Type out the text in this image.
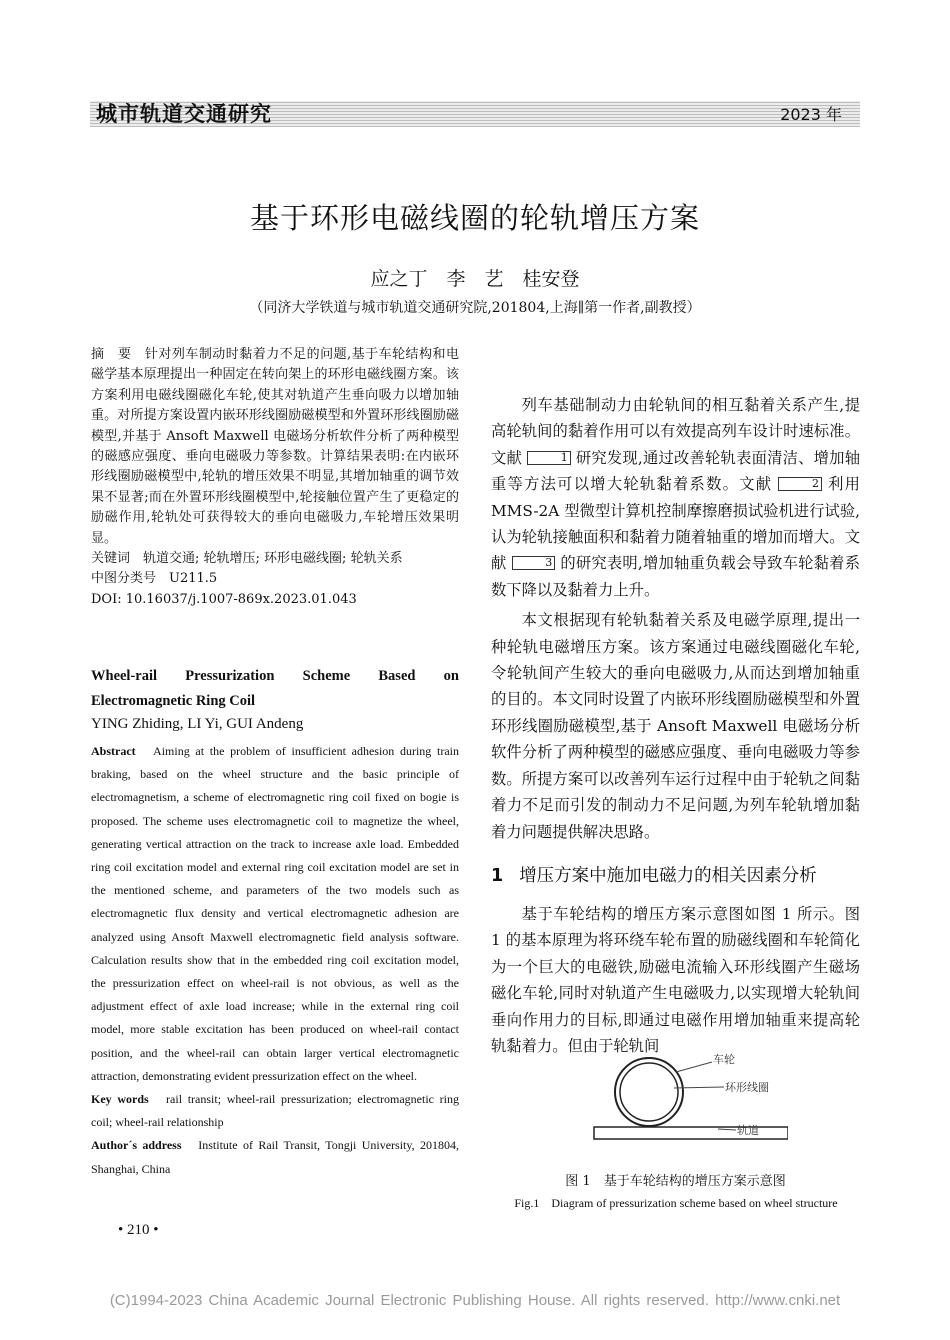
城市轨道交通研究	2023 年
基于环形电磁线圈的轮轨增压方案
应之丁　李　艺　桂安登
（同济大学铁道与城市轨道交通研究院,201804,上海∥第一作者,副教授）

摘　要　 针对列车制动时黏着力不足的问题,基于车轮结构和电磁学基本原理提出一种固定在转向架上的环形电磁线圈方案。该方案利用电磁线圈磁化车轮,使其对轨道产生垂向吸力以增加轴重。对所提方案设置内嵌环形线圈励磁模型和外置环形线圈励磁模型,并基于 Ansoft Maxwell 电磁场分析软件分析了两种模型的磁感应强度、垂向电磁吸力等参数。计算结果表明:在内嵌环形线圈励磁模型中,轮轨的增压效果不明显,其增加轴重的调节效果不显著;而在外置环形线圈模型中,轮接触位置产生了更稳定的励磁作用,轮轨处可获得较大的垂向电磁吸力,车轮增压效果明显。

关键词　 轨道交通; 轮轨增压; 环形电磁线圈; 轮轨关系

中图分类号　 U211.5

DOI: 10.16037/j.1007-869x.2023.01.043

Wheel-rail Pressurization Scheme Based on Electromagnetic Ring Coil
YING Zhiding, LI Yi, GUI Andeng

Abstract　 Aiming at the problem of insufficient adhesion during train braking, based on the wheel structure and the basic principle of electromagnetism, a scheme of electromagnetic ring coil fixed on bogie is proposed. The scheme uses electromagnetic coil to magnetize the wheel, generating vertical attraction on the track to increase axle load. Embedded ring coil excitation model and external ring coil excitation model are set in the mentioned scheme, and parameters of the two models such as electromagnetic flux density and vertical electromagnetic adhesion are analyzed using Ansoft Maxwell electromagnetic field analysis software. Calculation results show that in the embedded ring coil excitation model, the pressurization effect on wheel-rail is not obvious, as well as the adjustment effect of axle load increase; while in the external ring coil model, more stable excitation has been produced on wheel-rail contact position, and the wheel-rail can obtain larger vertical electromagnetic attraction, demonstrating evident pressurization effect on the wheel.

Key words　 rail transit; wheel-rail pressurization; electromagnetic ring coil; wheel-rail relationship

Author´s address　 Institute of Rail Transit, Tongji University, 201804, Shanghai, China

列车基础制动力由轮轨间的相互黏着关系产生,提高轮轨间的黏着作用可以有效提高列车设计时速标准。文献	1 研究发现,通过改善轮轨表面清洁、增加轴重等方法可以增大轮轨黏着系数。文献	2 利用 MMS-2A 型微型计算机控制摩擦磨损试验机进行试验,认为轮轨接触面积和黏着力随着轴重的增加而增大。文献	3 的研究表明,增加轴重负载会导致车轮黏着系数下降以及黏着力上升。

本文根据现有轮轨黏着关系及电磁学原理,提出一种轮轨电磁增压方案。该方案通过电磁线圈磁化车轮,令轮轨间产生较大的垂向电磁吸力,从而达到增加轴重的目的。本文同时设置了内嵌环形线圈励磁模型和外置环形线圈励磁模型,基于 Ansoft Maxwell 电磁场分析软件分析了两种模型的磁感应强度、垂向电磁吸力等参数。所提方案可以改善列车运行过程中由于轮轨之间黏着力不足而引发的制动力不足问题,为列车轮轨增加黏着力问题提供解决思路。

1 增压方案中施加电磁力的相关因素分析

基于车轮结构的增压方案示意图如图 1 所示。图 1 的基本原理为将环绕车轮布置的励磁线圈和车轮简化为一个巨大的电磁铁,励磁电流输入环形线圈产生磁场磁化车轮,同时对轨道产生电磁吸力,以实现增大轮轨间垂向作用力的目标,即通过电磁作用增加轴重来提高轮轨黏着力。但由于轮轨间

车轮
环形线圈
轨道
图 1　基于车轮结构的增压方案示意图
Fig.1　Diagram of pressurization scheme based on wheel structure
• 210 •
(C)1994-2023 China Academic Journal Electronic Publishing House. All rights reserved. http://www.cnki.net
